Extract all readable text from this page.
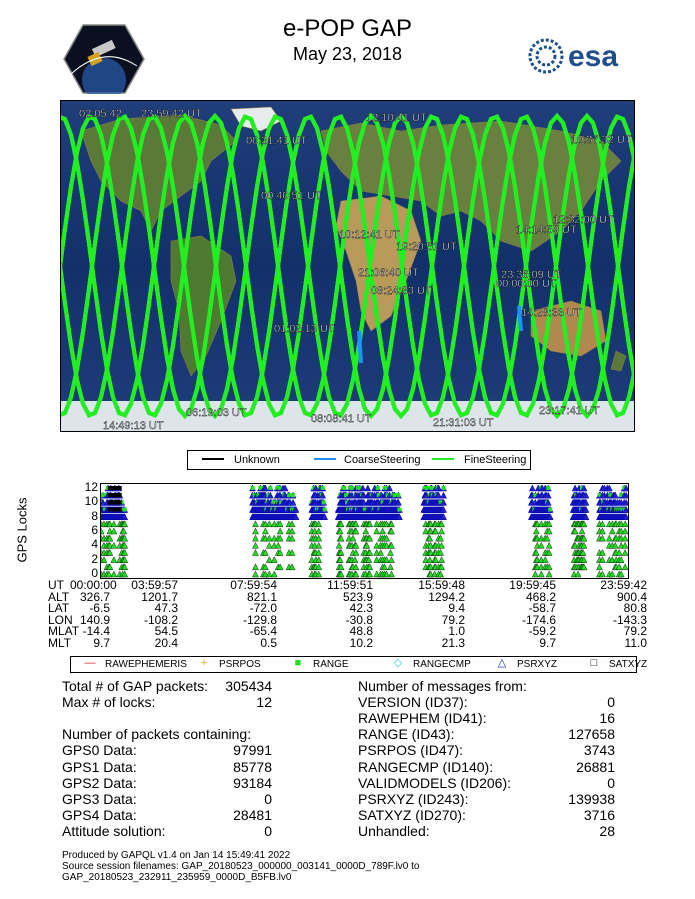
e-POP GAP
May 23, 2018	esa
02:05:42 23:59:42 UT	12:10:41 UT
00:31:41 UT	10:37:32 UT
00:40:51 UT
12:32:00 UT
10:12:41 UT	14:14:59 UT
19:20:51 UT
21:06:40 UT	23:36:09 UT
00:00:00 UT
08:24:33 UT
14:28:33 UT
01:02:13 UT
06:19:03 UT	23:17:41 UT
14:49:13 UT
08:08:41 UT	21:31:03 UT
Unknown	CoarseSteering	FineSteering
GPS Locks
0
2
4
6
8
10
12
UT 00:00:00 03:59:57	07:59:54	11:59:51	15:59:48	19:59:45	23:59:42
ALT 326.7	1201.7	821.1	523.9	1294.2	468.2	900.4
LAT -6.5	47.3	-72.0	42.3	9.4	-58.7	80.8
LON 140.9	-108.2	-129.8	-30.8	79.2	-174.6	-143.3
MLAT -14.4	54.5	-65.4	48.8	1.0	-59.2	79.2
MLT 9.7	20.4	0.5	10.2	21.3	9.7	11.0
— RAWEPHEMERIS	+	PSRPOS	■	RANGE	◇ RANGECMP △ PSRXYZ	□	SATXYZ
Total # of GAP packets: 305434
Max # of locks:	12
Number of packets containing:
GPS0 Data:	97991
GPS1 Data:	85778
GPS2 Data:	93184
GPS3 Data:	0
GPS4 Data:	28481
Attitude solution:	0
Number of messages from:
VERSION (ID37):	0
RAWEPHEM (ID41):	16
RANGE (ID43):	127658
PSRPOS (ID47):	3743
RANGECMP (ID140):	26881
VALIDMODELS (ID206):	0
PSRXYZ (ID243):	139938
SATXYZ (ID270):	3716
Unhandled:	28
Produced by GAPQL v1.4 on Jan 14 15:49:41 2022
Source session filenames: GAP_20180523_000000_003141_0000D_789F.lv0 to
GAP_20180523_232911_235959_0000D_B5FB.lv0
